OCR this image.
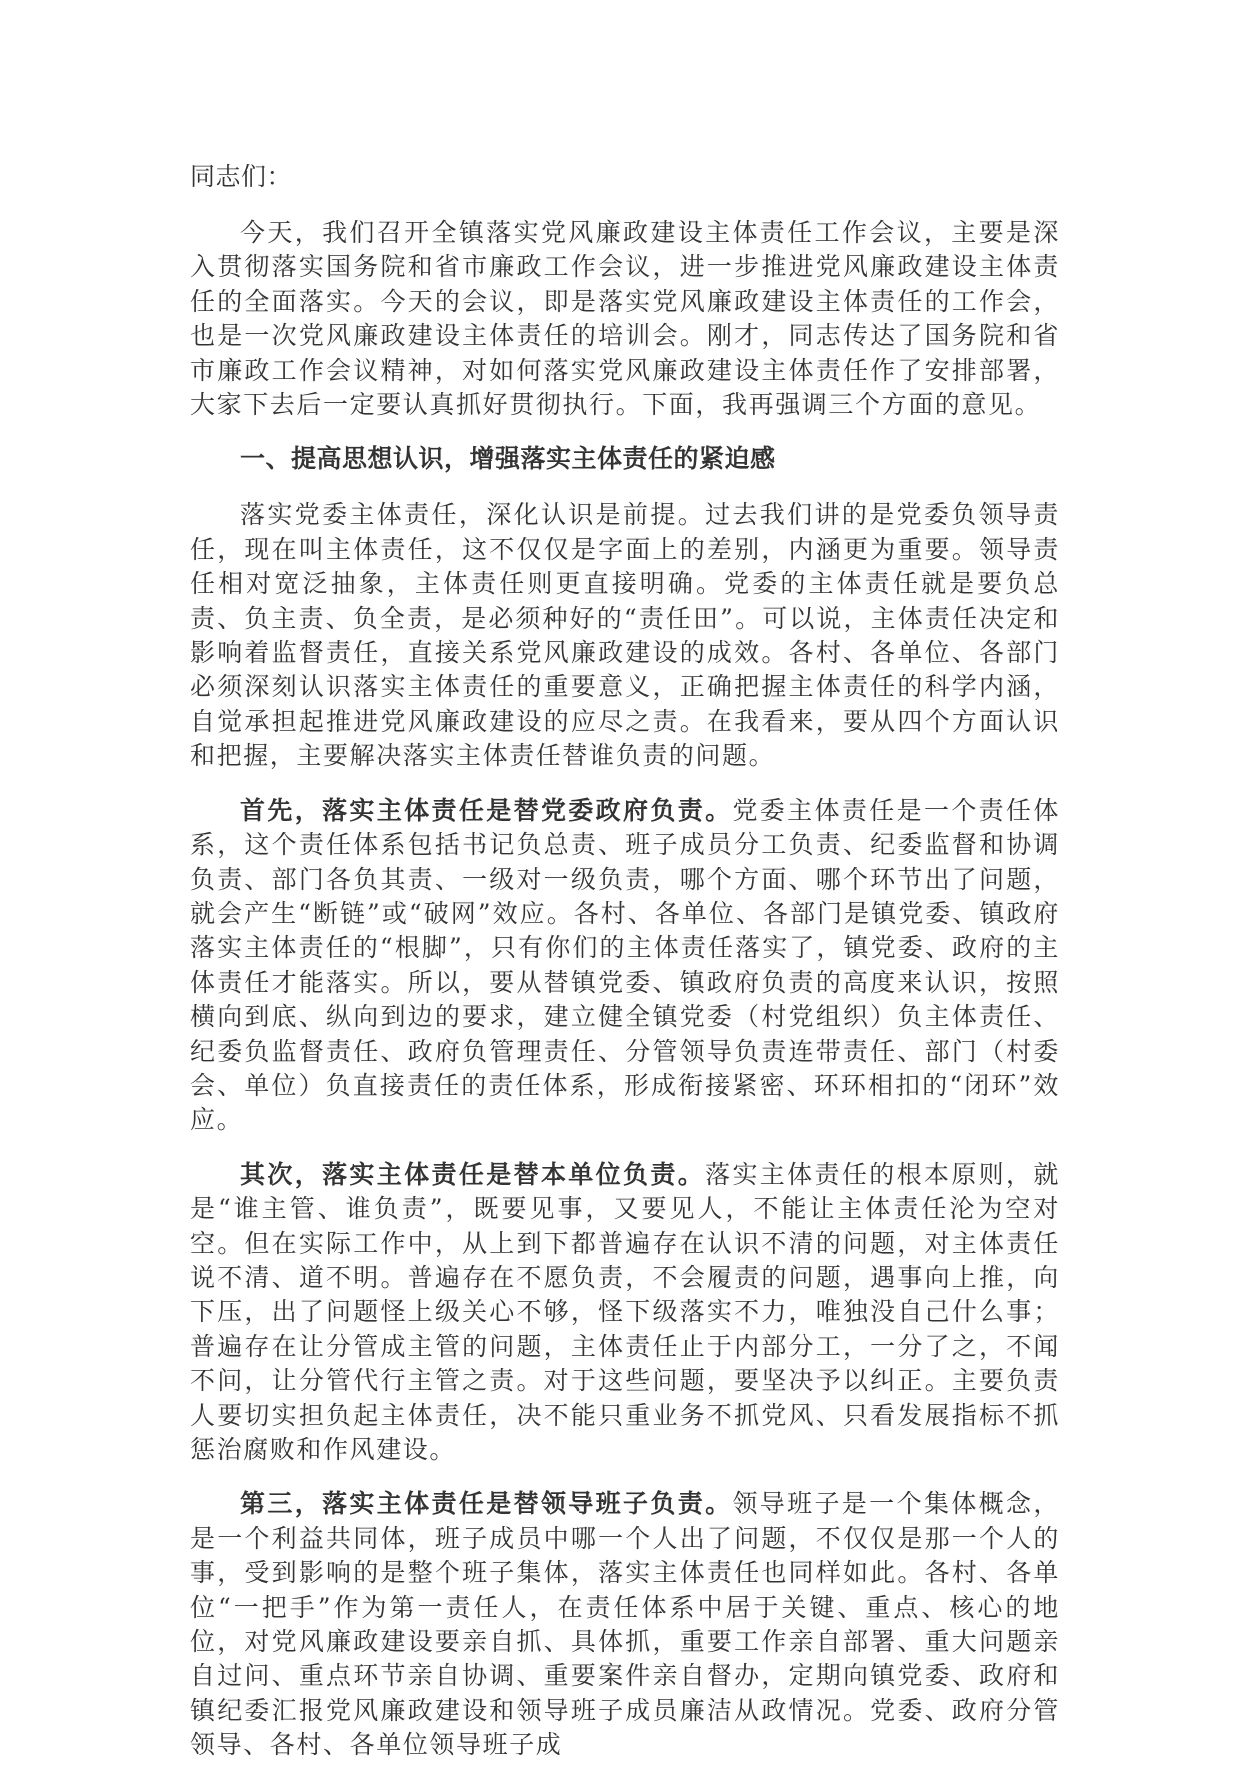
同志们：

今天，我们召开全镇落实党风廉政建设主体责任工作会议，主要是深入贯彻落实国务院和省市廉政工作会议，进一步推进党风廉政建设主体责任的全面落实。今天的会议，即是落实党风廉政建设主体责任的工作会，也是一次党风廉政建设主体责任的培训会。刚才，同志传达了国务院和省市廉政工作会议精神，对如何落实党风廉政建设主体责任作了安排部署，大家下去后一定要认真抓好贯彻执行。下面，我再强调三个方面的意见。

一、提高思想认识，增强落实主体责任的紧迫感

落实党委主体责任，深化认识是前提。过去我们讲的是党委负领导责任，现在叫主体责任，这不仅仅是字面上的差别，内涵更为重要。领导责任相对宽泛抽象，主体责任则更直接明确。党委的主体责任就是要负总责、负主责、负全责，是必须种好的“责任田”。可以说，主体责任决定和影响着监督责任，直接关系党风廉政建设的成效。各村、各单位、各部门必须深刻认识落实主体责任的重要意义，正确把握主体责任的科学内涵，自觉承担起推进党风廉政建设的应尽之责。在我看来，要从四个方面认识和把握，主要解决落实主体责任替谁负责的问题。

首先，落实主体责任是替党委政府负责。党委主体责任是一个责任体系，这个责任体系包括书记负总责、班子成员分工负责、纪委监督和协调负责、部门各负其责、一级对一级负责，哪个方面、哪个环节出了问题，就会产生“断链”或“破网”效应。各村、各单位、各部门是镇党委、镇政府落实主体责任的“根脚”，只有你们的主体责任落实了，镇党委、政府的主体责任才能落实。所以，要从替镇党委、镇政府负责的高度来认识，按照横向到底、纵向到边的要求，建立健全镇党委（村党组织）负主体责任、纪委负监督责任、政府负管理责任、分管领导负责连带责任、部门（村委会、单位）负直接责任的责任体系，形成衔接紧密、环环相扣的“闭环”效应。

其次，落实主体责任是替本单位负责。落实主体责任的根本原则，就是“谁主管、谁负责”，既要见事，又要见人，不能让主体责任沦为空对空。但在实际工作中，从上到下都普遍存在认识不清的问题，对主体责任说不清、道不明。普遍存在不愿负责，不会履责的问题，遇事向上推，向下压，出了问题怪上级关心不够，怪下级落实不力，唯独没自己什么事；普遍存在让分管成主管的问题，主体责任止于内部分工，一分了之，不闻不问，让分管代行主管之责。对于这些问题，要坚决予以纠正。主要负责人要切实担负起主体责任，决不能只重业务不抓党风、只看发展指标不抓惩治腐败和作风建设。

第三，落实主体责任是替领导班子负责。领导班子是一个集体概念，是一个利益共同体，班子成员中哪一个人出了问题，不仅仅是那一个人的事，受到影响的是整个班子集体，落实主体责任也同样如此。各村、各单位“一把手”作为第一责任人，在责任体系中居于关键、重点、核心的地位，对党风廉政建设要亲自抓、具体抓，重要工作亲自部署、重大问题亲自过问、重点环节亲自协调、重要案件亲自督办，定期向镇党委、政府和镇纪委汇报党风廉政建设和领导班子成员廉洁从政情况。党委、政府分管领导、各村、各单位领导班子成
